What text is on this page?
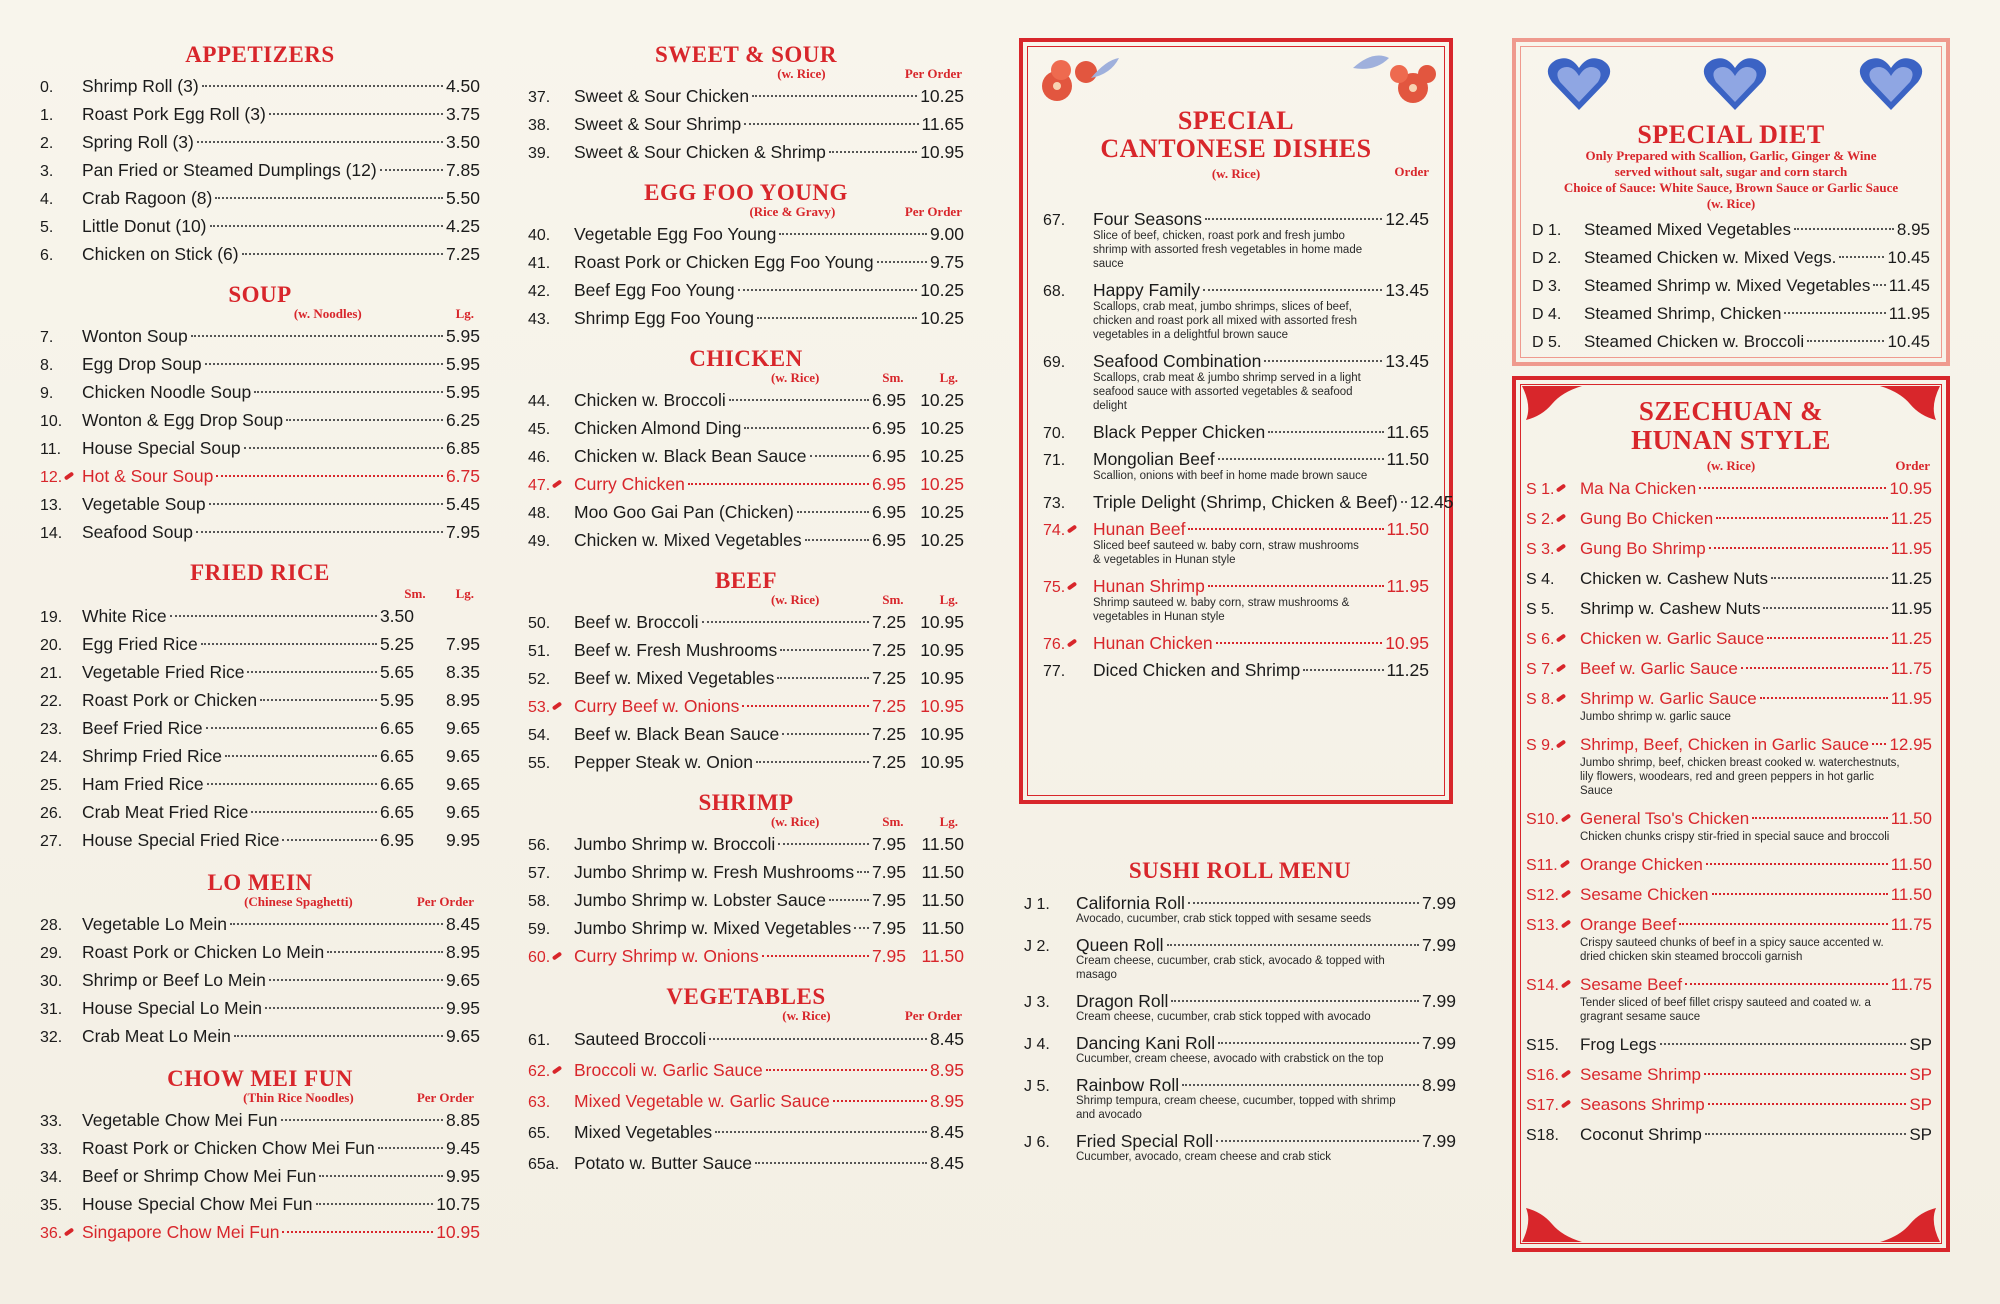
APPETIZERS
0.	Shrimp Roll (3)	4.50
1.	Roast Pork Egg Roll (3)	3.75
2.	Spring Roll (3)	3.50
3.	Pan Fried or Steamed Dumplings (12)	7.85
4.	Crab Ragoon (8)	5.50
5.	Little Donut (10)	4.25
6.	Chicken on Stick (6)	7.25
SOUP
(w. Noodles)	Lg.
7.	Wonton Soup	5.95
8.	Egg Drop Soup	5.95
9.	Chicken Noodle Soup	5.95
10.	Wonton & Egg Drop Soup	6.25
11.	House Special Soup	6.85
12.	Hot & Sour Soup	6.75
13.	Vegetable Soup	5.45
14.	Seafood Soup	7.95
FRIED RICE
Sm. Lg.
19.	White Rice	3.50
20.	Egg Fried Rice	5.25	7.95
21.	Vegetable Fried Rice	5.65	8.35
22.	Roast Pork or Chicken	5.95	8.95
23.	Beef Fried Rice	6.65	9.65
24.	Shrimp Fried Rice	6.65	9.65
25.	Ham Fried Rice	6.65	9.65
26.	Crab Meat Fried Rice	6.65	9.65
27.	House Special Fried Rice	6.95	9.95
LO MEIN
(Chinese Spaghetti)	Per Order
28.	Vegetable Lo Mein	8.45
29.	Roast Pork or Chicken Lo Mein	8.95
30.	Shrimp or Beef Lo Mein	9.65
31.	House Special Lo Mein	9.95
32.	Crab Meat Lo Mein	9.65
CHOW MEI FUN
(Thin Rice Noodles)	Per Order
33.	Vegetable Chow Mei Fun	8.85
33.	Roast Pork or Chicken Chow Mei Fun	9.45
34.	Beef or Shrimp Chow Mei Fun	9.95
35.	House Special Chow Mei Fun	10.75
36.	Singapore Chow Mei Fun	10.95
SWEET & SOUR
(w. Rice)	Per Order
37.	Sweet & Sour Chicken	10.25
38.	Sweet & Sour Shrimp	11.65
39.	Sweet & Sour Chicken & Shrimp	10.95
EGG FOO YOUNG
(Rice & Gravy)	Per Order
40.	Vegetable Egg Foo Young	9.00
41.	Roast Pork or Chicken Egg Foo Young	9.75
42.	Beef Egg Foo Young	10.25
43.	Shrimp Egg Foo Young	10.25
CHICKEN
(w. Rice)	Sm.	Lg.
44.	Chicken w. Broccoli	6.95 10.25
45.	Chicken Almond Ding	6.95 10.25
46.	Chicken w. Black Bean Sauce	6.95 10.25
47.	Curry Chicken	6.95 10.25
48.	Moo Goo Gai Pan (Chicken)	6.95 10.25
49.	Chicken w. Mixed Vegetables	6.95 10.25
BEEF
(w. Rice)	Sm.	Lg.
50.	Beef w. Broccoli	7.25 10.95
51.	Beef w. Fresh Mushrooms	7.25 10.95
52.	Beef w. Mixed Vegetables	7.25 10.95
53.	Curry Beef w. Onions	7.25 10.95
54.	Beef w. Black Bean Sauce	7.25 10.95
55.	Pepper Steak w. Onion	7.25 10.95
SHRIMP
(w. Rice)	Sm.	Lg.
56.	Jumbo Shrimp w. Broccoli	7.95 11.50
57.	Jumbo Shrimp w. Fresh Mushrooms 7.95 11.50
58.	Jumbo Shrimp w. Lobster Sauce	7.95 11.50
59.	Jumbo Shrimp w. Mixed Vegetables 7.95 11.50
60.	Curry Shrimp w. Onions	7.95 11.50
VEGETABLES
(w. Rice)	Per Order
61.	Sauteed Broccoli	8.45
62.	Broccoli w. Garlic Sauce	8.95
63.	Mixed Vegetable w. Garlic Sauce	8.95
65.	Mixed Vegetables	8.45
65a. Potato w. Butter Sauce	8.45
SPECIAL
CANTONESE DISHES
(w. Rice)	Order
67.	Four Seasons	12.45
Slice of beef, chicken, roast pork and fresh jumbo shrimp with assorted fresh vegetables in home made sauce
68.	Happy Family	13.45
Scallops, crab meat, jumbo shrimps, slices of beef, chicken and roast pork all mixed with assorted fresh vegetables in a delightful brown sauce
69.	Seafood Combination	13.45
Scallops, crab meat & jumbo shrimp served in a light seafood sauce with assorted vegetables & seafood delight
70.	Black Pepper Chicken	11.65
71.	Mongolian Beef	11.50
Scallion, onions with beef in home made brown sauce
73.	Triple Delight (Shrimp, Chicken & Beef) 12.45
74.	Hunan Beef	11.50
Sliced beef sauteed w. baby corn, straw mushrooms & vegetables in Hunan style
75.	Hunan Shrimp	11.95
Shrimp sauteed w. baby corn, straw mushrooms & vegetables in Hunan style
76.	Hunan Chicken	10.95
77.	Diced Chicken and Shrimp	11.25
SUSHI ROLL MENU
J 1.	California Roll	7.99
Avocado, cucumber, crab stick topped with sesame seeds
J 2.	Queen Roll	7.99
Cream cheese, cucumber, crab stick, avocado & topped with masago
J 3.	Dragon Roll	7.99
Cream cheese, cucumber, crab stick topped with avocado
J 4.	Dancing Kani Roll	7.99
Cucumber, cream cheese, avocado with crabstick on the top
J 5.	Rainbow Roll	8.99
Shrimp tempura, cream cheese, cucumber, topped with shrimp and avocado
J 6.	Fried Special Roll	7.99
Cucumber, avocado, cream cheese and crab stick
SPECIAL DIET
Only Prepared with Scallion, Garlic, Ginger & Wine
served without salt, sugar and corn starch
Choice of Sauce: White Sauce, Brown Sauce or Garlic Sauce
(w. Rice)
D 1.	Steamed Mixed Vegetables	8.95
D 2.	Steamed Chicken w. Mixed Vegs.	10.45
D 3.	Steamed Shrimp w. Mixed Vegetables 11.45
D 4.	Steamed Shrimp, Chicken	11.95
D 5.	Steamed Chicken w. Broccoli	10.45
SZECHUAN &
HUNAN STYLE
(w. Rice)	Order
S 1.	Ma Na Chicken	10.95
S 2.	Gung Bo Chicken	11.25
S 3.	Gung Bo Shrimp	11.95
S 4.	Chicken w. Cashew Nuts	11.25
S 5.	Shrimp w. Cashew Nuts	11.95
S 6.	Chicken w. Garlic Sauce	11.25
S 7.	Beef w. Garlic Sauce	11.75
S 8.	Shrimp w. Garlic Sauce	11.95
Jumbo shrimp w. garlic sauce
S 9.	Shrimp, Beef, Chicken in Garlic Sauce 12.95
Jumbo shrimp, beef, chicken breast cooked w. waterchestnuts, lily flowers, woodears, red and green peppers in hot garlic Sauce
S10.	General Tso's Chicken	11.50
Chicken chunks crispy stir-fried in special sauce and broccoli
S11.	Orange Chicken	11.50
S12.	Sesame Chicken	11.50
S13.	Orange Beef	11.75
Crispy sauteed chunks of beef in a spicy sauce accented w. dried chicken skin steamed broccoli garnish
S14.	Sesame Beef	11.75
Tender sliced of beef fillet crispy sauteed and coated w. a gragrant sesame sauce
S15.	Frog Legs	SP
S16.	Sesame Shrimp	SP
S17.	Seasons Shrimp	SP
S18.	Coconut Shrimp	SP
